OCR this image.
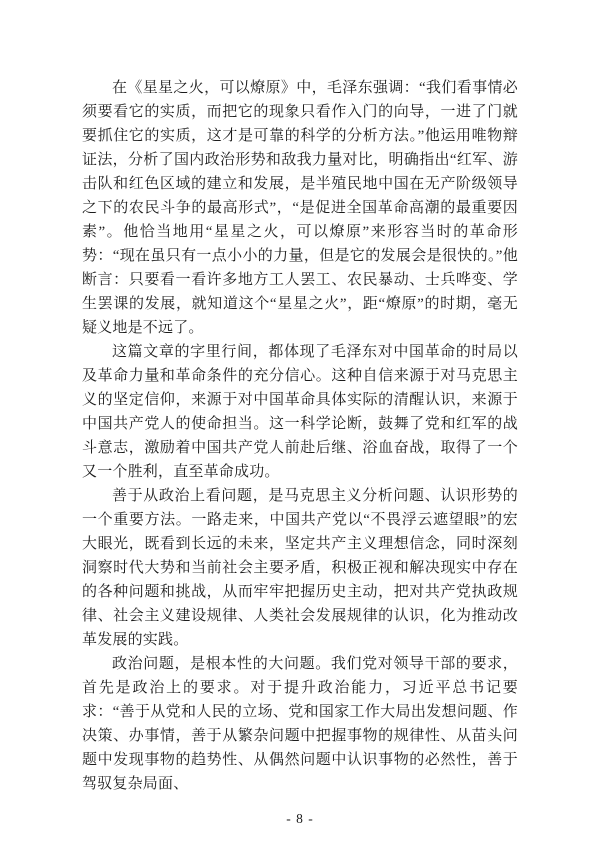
在《星星之火，可以燎原》中，毛泽东强调：“我们看事情必须要看它的实质，而把它的现象只看作入门的向导，一进了门就要抓住它的实质，这才是可靠的科学的分析方法。”他运用唯物辩证法，分析了国内政治形势和敌我力量对比，明确指出“红军、游击队和红色区域的建立和发展，是半殖民地中国在无产阶级领导之下的农民斗争的最高形式”，“是促进全国革命高潮的最重要因素”。他恰当地用“星星之火，可以燎原”来形容当时的革命形势：“现在虽只有一点小小的力量，但是它的发展会是很快的。”他断言：只要看一看许多地方工人罢工、农民暴动、士兵哗变、学生罢课的发展，就知道这个“星星之火”，距“燎原”的时期，毫无疑义地是不远了。

这篇文章的字里行间，都体现了毛泽东对中国革命的时局以及革命力量和革命条件的充分信心。这种自信来源于对马克思主义的坚定信仰，来源于对中国革命具体实际的清醒认识，来源于中国共产党人的使命担当。这一科学论断，鼓舞了党和红军的战斗意志，激励着中国共产党人前赴后继、浴血奋战，取得了一个又一个胜利，直至革命成功。

善于从政治上看问题，是马克思主义分析问题、认识形势的一个重要方法。一路走来，中国共产党以“不畏浮云遮望眼”的宏大眼光，既看到长远的未来，坚定共产主义理想信念，同时深刻洞察时代大势和当前社会主要矛盾，积极正视和解决现实中存在的各种问题和挑战，从而牢牢把握历史主动，把对共产党执政规律、社会主义建设规律、人类社会发展规律的认识，化为推动改革发展的实践。

政治问题，是根本性的大问题。我们党对领导干部的要求，首先是政治上的要求。对于提升政治能力，习近平总书记要求：“善于从党和人民的立场、党和国家工作大局出发想问题、作决策、办事情，善于从繁杂问题中把握事物的规律性、从苗头问题中发现事物的趋势性、从偶然问题中认识事物的必然性，善于驾驭复杂局面、

- 8 -
